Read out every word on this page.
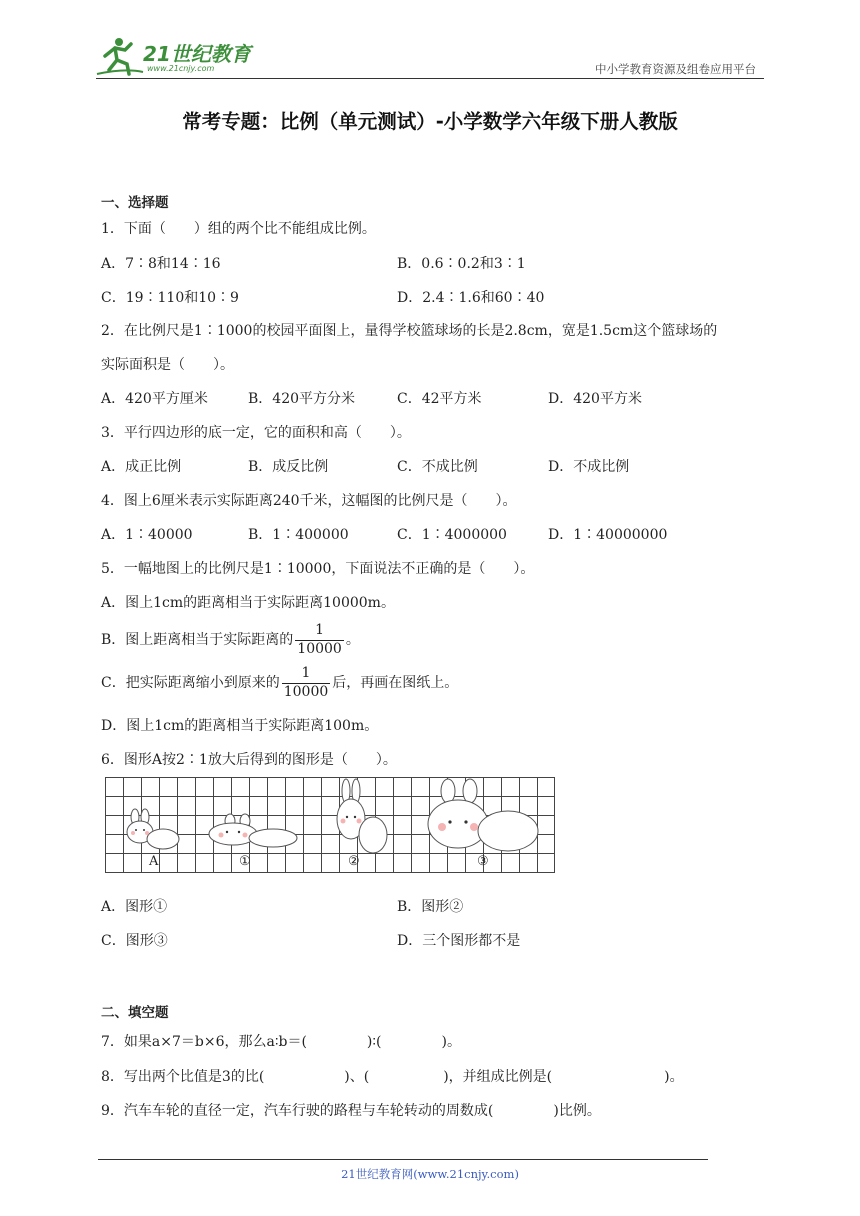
21世纪教育
www.21cnjy.com	中小学教育资源及组卷应用平台
常考专题：比例（单元测试）-小学数学六年级下册人教版
一、选择题
1．下面（　　）组的两个比不能组成比例。
A．7∶8和14∶16	B．0.6∶0.2和3∶1
C．19∶110和10∶9	D．2.4∶1.6和60∶40
2．在比例尺是1∶1000的校园平面图上，量得学校篮球场的长是2.8cm，宽是1.5cm这个篮球场的
实际面积是（　　）。
A．420平方厘米	B．420平方分米	C．42平方米	D．420平方米
3．平行四边形的底一定，它的面积和高（　　）。
A．成正比例	B．成反比例	C．不成比例	D．不成比例
4．图上6厘米表示实际距离240千米，这幅图的比例尺是（　　）。
A．1∶40000	B．1∶400000	C．1∶4000000	D．1∶40000000
5．一幅地图上的比例尺是1∶10000，下面说法不正确的是（　　）。
A．图上1cm的距离相当于实际距离10000m。
B．图上距离相当于实际距离的 $\frac{1}{10000}$ 。
C．把实际距离缩小到原来的 $\frac{1}{10000}$ 后，再画在图纸上。
D．图上1cm的距离相当于实际距离100m。
6．图形A按2∶1放大后得到的图形是（　　）。
A	①	②	③
A．图形①	B．图形②
C．图形③	D．三个图形都不是
二、填空题
7．如果a×7＝b×6，那么a∶b＝(	)∶(	)。
8．写出两个比值是3的比(	)、(	)，并组成比例是(	)。
9．汽车车轮的直径一定，汽车行驶的路程与车轮转动的周数成(	)比例。
21世纪教育网(www.21cnjy.com)
